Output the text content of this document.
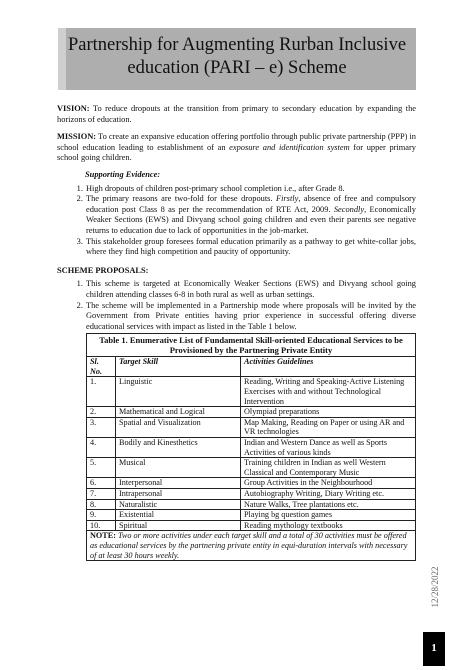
Partnership for Augmenting Rurban Inclusive education (PARI – e) Scheme

VISION: To reduce dropouts at the transition from primary to secondary education by expanding the horizons of education.

MISSION: To create an expansive education offering portfolio through public private partnership (PPP) in school education leading to establishment of an exposure and identification system for upper primary school going children.

Supporting Evidence:
1. High dropouts of children post-primary school completion i.e., after Grade 8.
2. The primary reasons are two-fold for these dropouts. Firstly, absence of free and compulsory education post Class 8 as per the recommendation of RTE Act, 2009. Secondly, Economically Weaker Sections (EWS) and Divyang school going children and even their parents see negative returns to education due to lack of opportunities in the job-market.
3. This stakeholder group foresees formal education primarily as a pathway to get white-collar jobs, where they find high competition and paucity of opportunity.
SCHEME PROPOSALS:
1. This scheme is targeted at Economically Weaker Sections (EWS) and Divyang school going children attending classes 6-8 in both rural as well as urban settings.
2. The scheme will be implemented in a Partnership mode where proposals will be invited by the Government from Private entities having prior experience in successful offering diverse educational services with impact as listed in the Table 1 below.
Table 1. Enumerative List of Fundamental Skill-oriented Educational Services to be Provisioned by the Partnering Private Entity		
Sl. No.	Target Skill	Activities Guidelines
1.	Linguistic	Reading, Writing and Speaking-Active Listening Exercises with and without Technological Intervention
2.	Mathematical and Logical	Olympiad preparations
3.	Spatial and Visualization	Map Making, Reading on Paper or using AR and VR technologies
4.	Bodily and Kinesthetics	Indian and Western Dance as well as Sports Activities of various kinds
5.	Musical	Training children in Indian as well Western Classical and Contemporary Music
6.	Interpersonal	Group Activities in the Neighbourhood
7.	Intrapersonal	Autobiography Writing, Diary Writing etc.
8.	Naturalistic	Nature Walks, Tree plantations etc.
9.	Existential	Playing bg question games
10.	Spiritual	Reading mythology textbooks
NOTE: Two or more activities under each target skill and a total of 30 activities must be offered as educational services by the partnering private entity in equi-duration intervals with necessary of at least 30 hours weekly.		
12/28/2022
1
